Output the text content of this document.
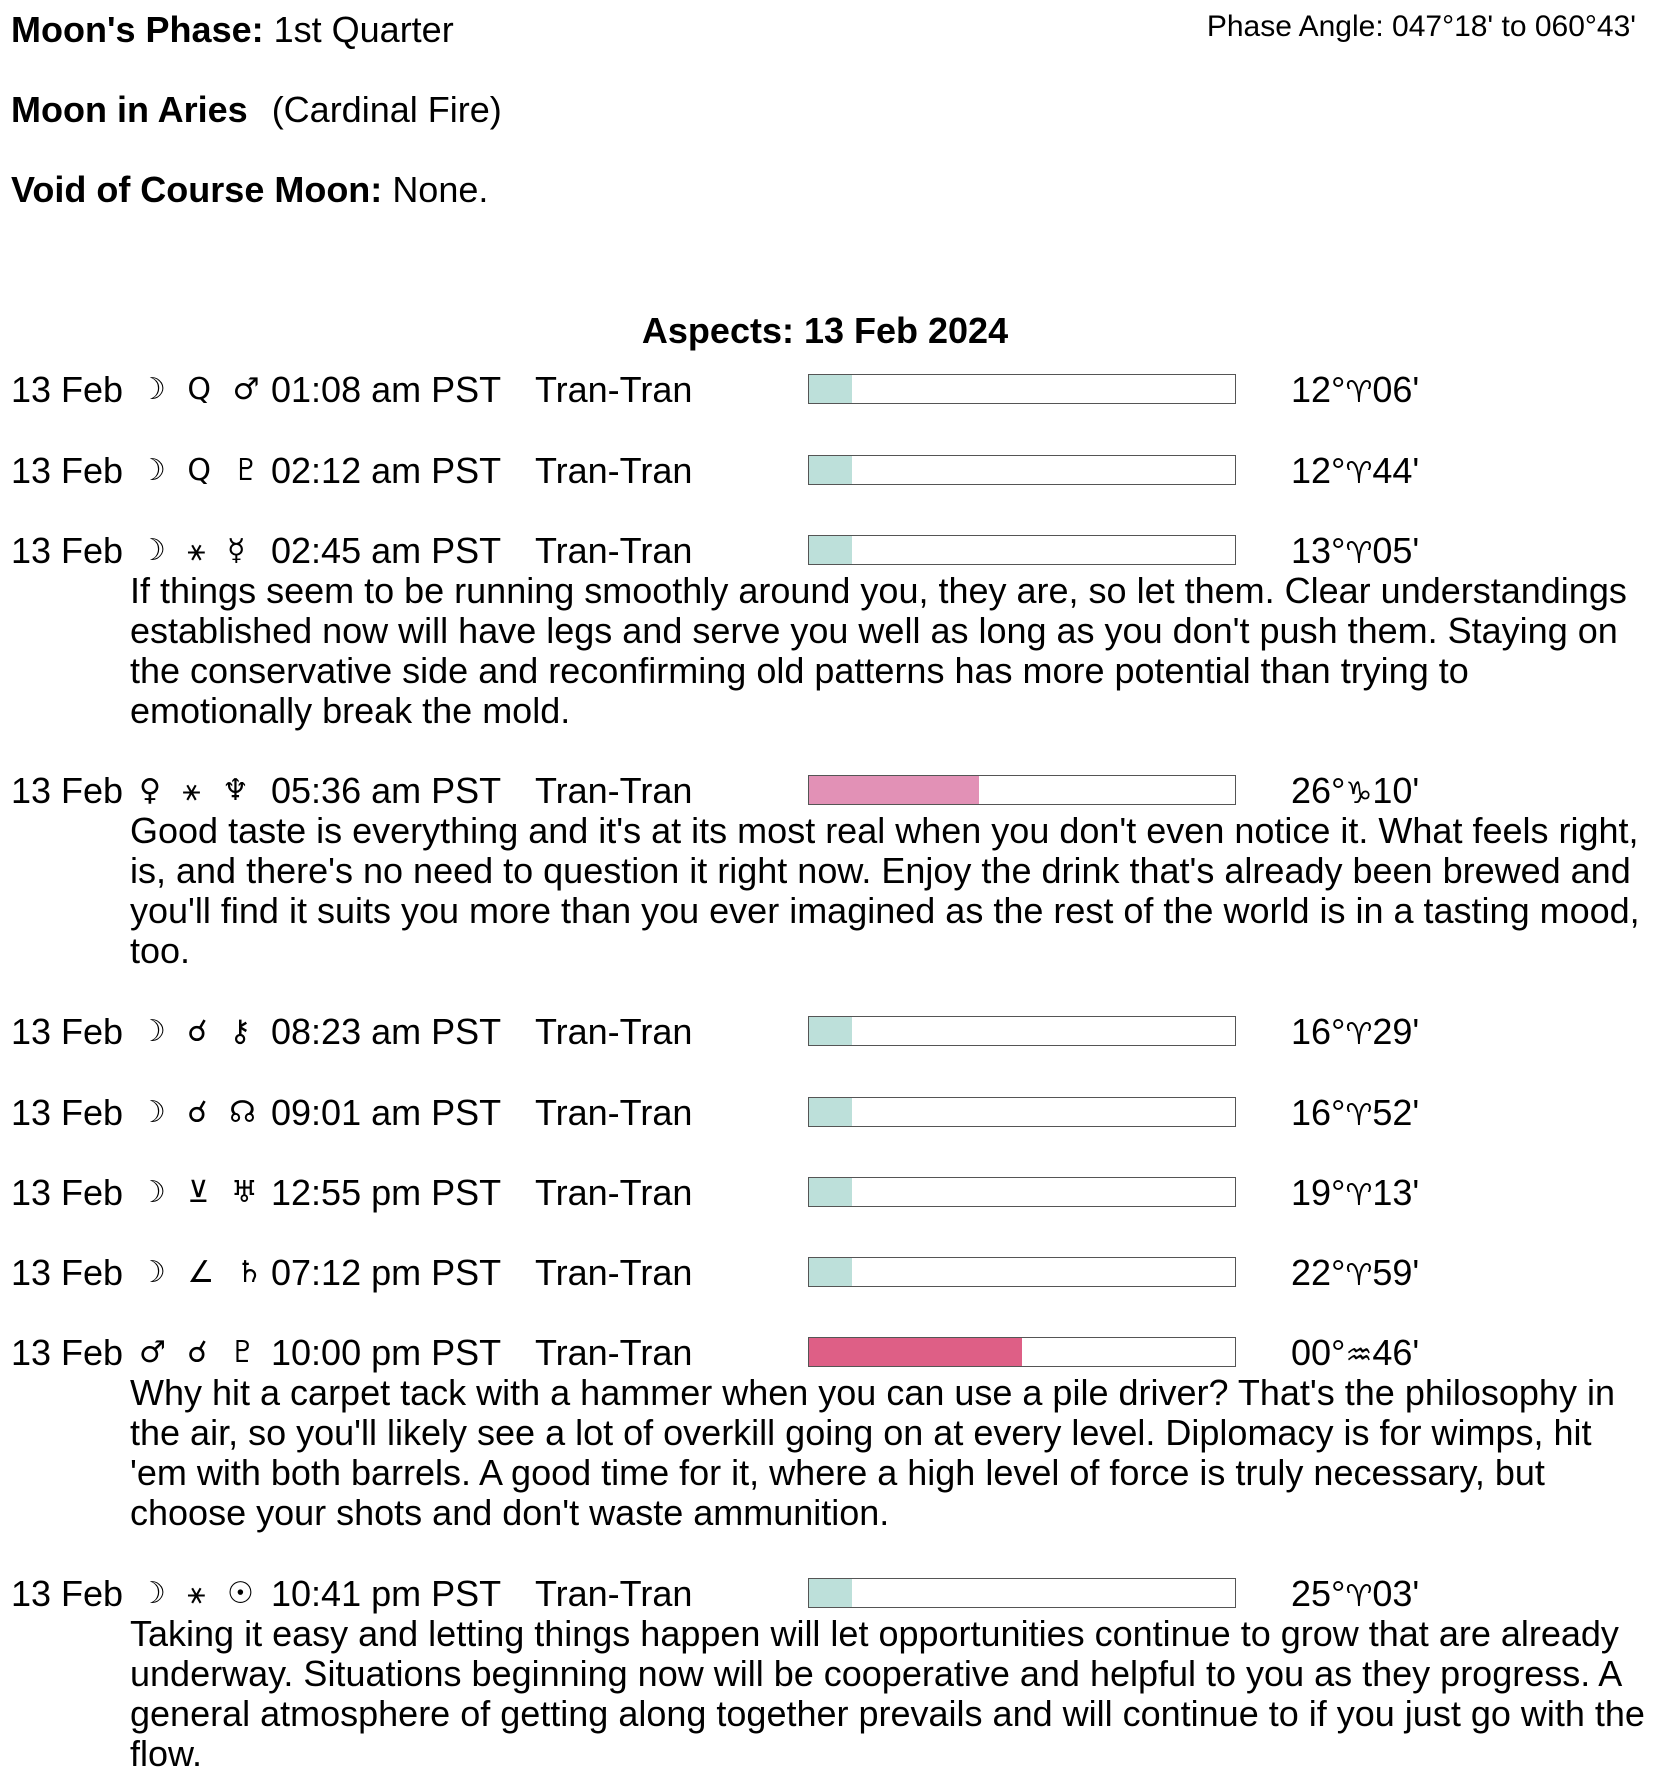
Moon's Phase: 1st Quarter	Phase Angle: 047°18' to 060°43'
Moon in Aries (Cardinal Fire)
Void of Course Moon: None.
Aspects: 13 Feb 2024
13 Feb ☽ Q ♂ 01:08 am PST Tran-Tran	12°♈06'
13 Feb ☽ Q ♇ 02:12 am PST Tran-Tran	12°♈44'
13 Feb ☽ ⚹ ☿ 02:45 am PST Tran-Tran	13°♈05'
If things seem to be running smoothly around you, they are, so let them. Clear understandings established now will have legs and serve you well as long as you don't push them. Staying on the conservative side and reconfirming old patterns has more potential than trying to emotionally break the mold.
13 Feb ♀ ⚹ ♆ 05:36 am PST Tran-Tran	26°♑10'
Good taste is everything and it's at its most real when you don't even notice it. What feels right, is, and there's no need to question it right now. Enjoy the drink that's already been brewed and you'll find it suits you more than you ever imagined as the rest of the world is in a tasting mood, too.
13 Feb ☽ ☌ ⚷ 08:23 am PST Tran-Tran	16°♈29'
13 Feb ☽ ☌ ☊ 09:01 am PST Tran-Tran	16°♈52'
13 Feb ☽ ⊻ ♅ 12:55 pm PST Tran-Tran	19°♈13'
13 Feb ☽ ∠ ♄ 07:12 pm PST Tran-Tran	22°♈59'
13 Feb ♂ ☌ ♇ 10:00 pm PST Tran-Tran	00°♒46'
Why hit a carpet tack with a hammer when you can use a pile driver? That's the philosophy in the air, so you'll likely see a lot of overkill going on at every level. Diplomacy is for wimps, hit 'em with both barrels. A good time for it, where a high level of force is truly necessary, but choose your shots and don't waste ammunition.
13 Feb ☽ ⚹ ☉ 10:41 pm PST Tran-Tran	25°♈03'
Taking it easy and letting things happen will let opportunities continue to grow that are already underway. Situations beginning now will be cooperative and helpful to you as they progress. A general atmosphere of getting along together prevails and will continue to if you just go with the flow.
